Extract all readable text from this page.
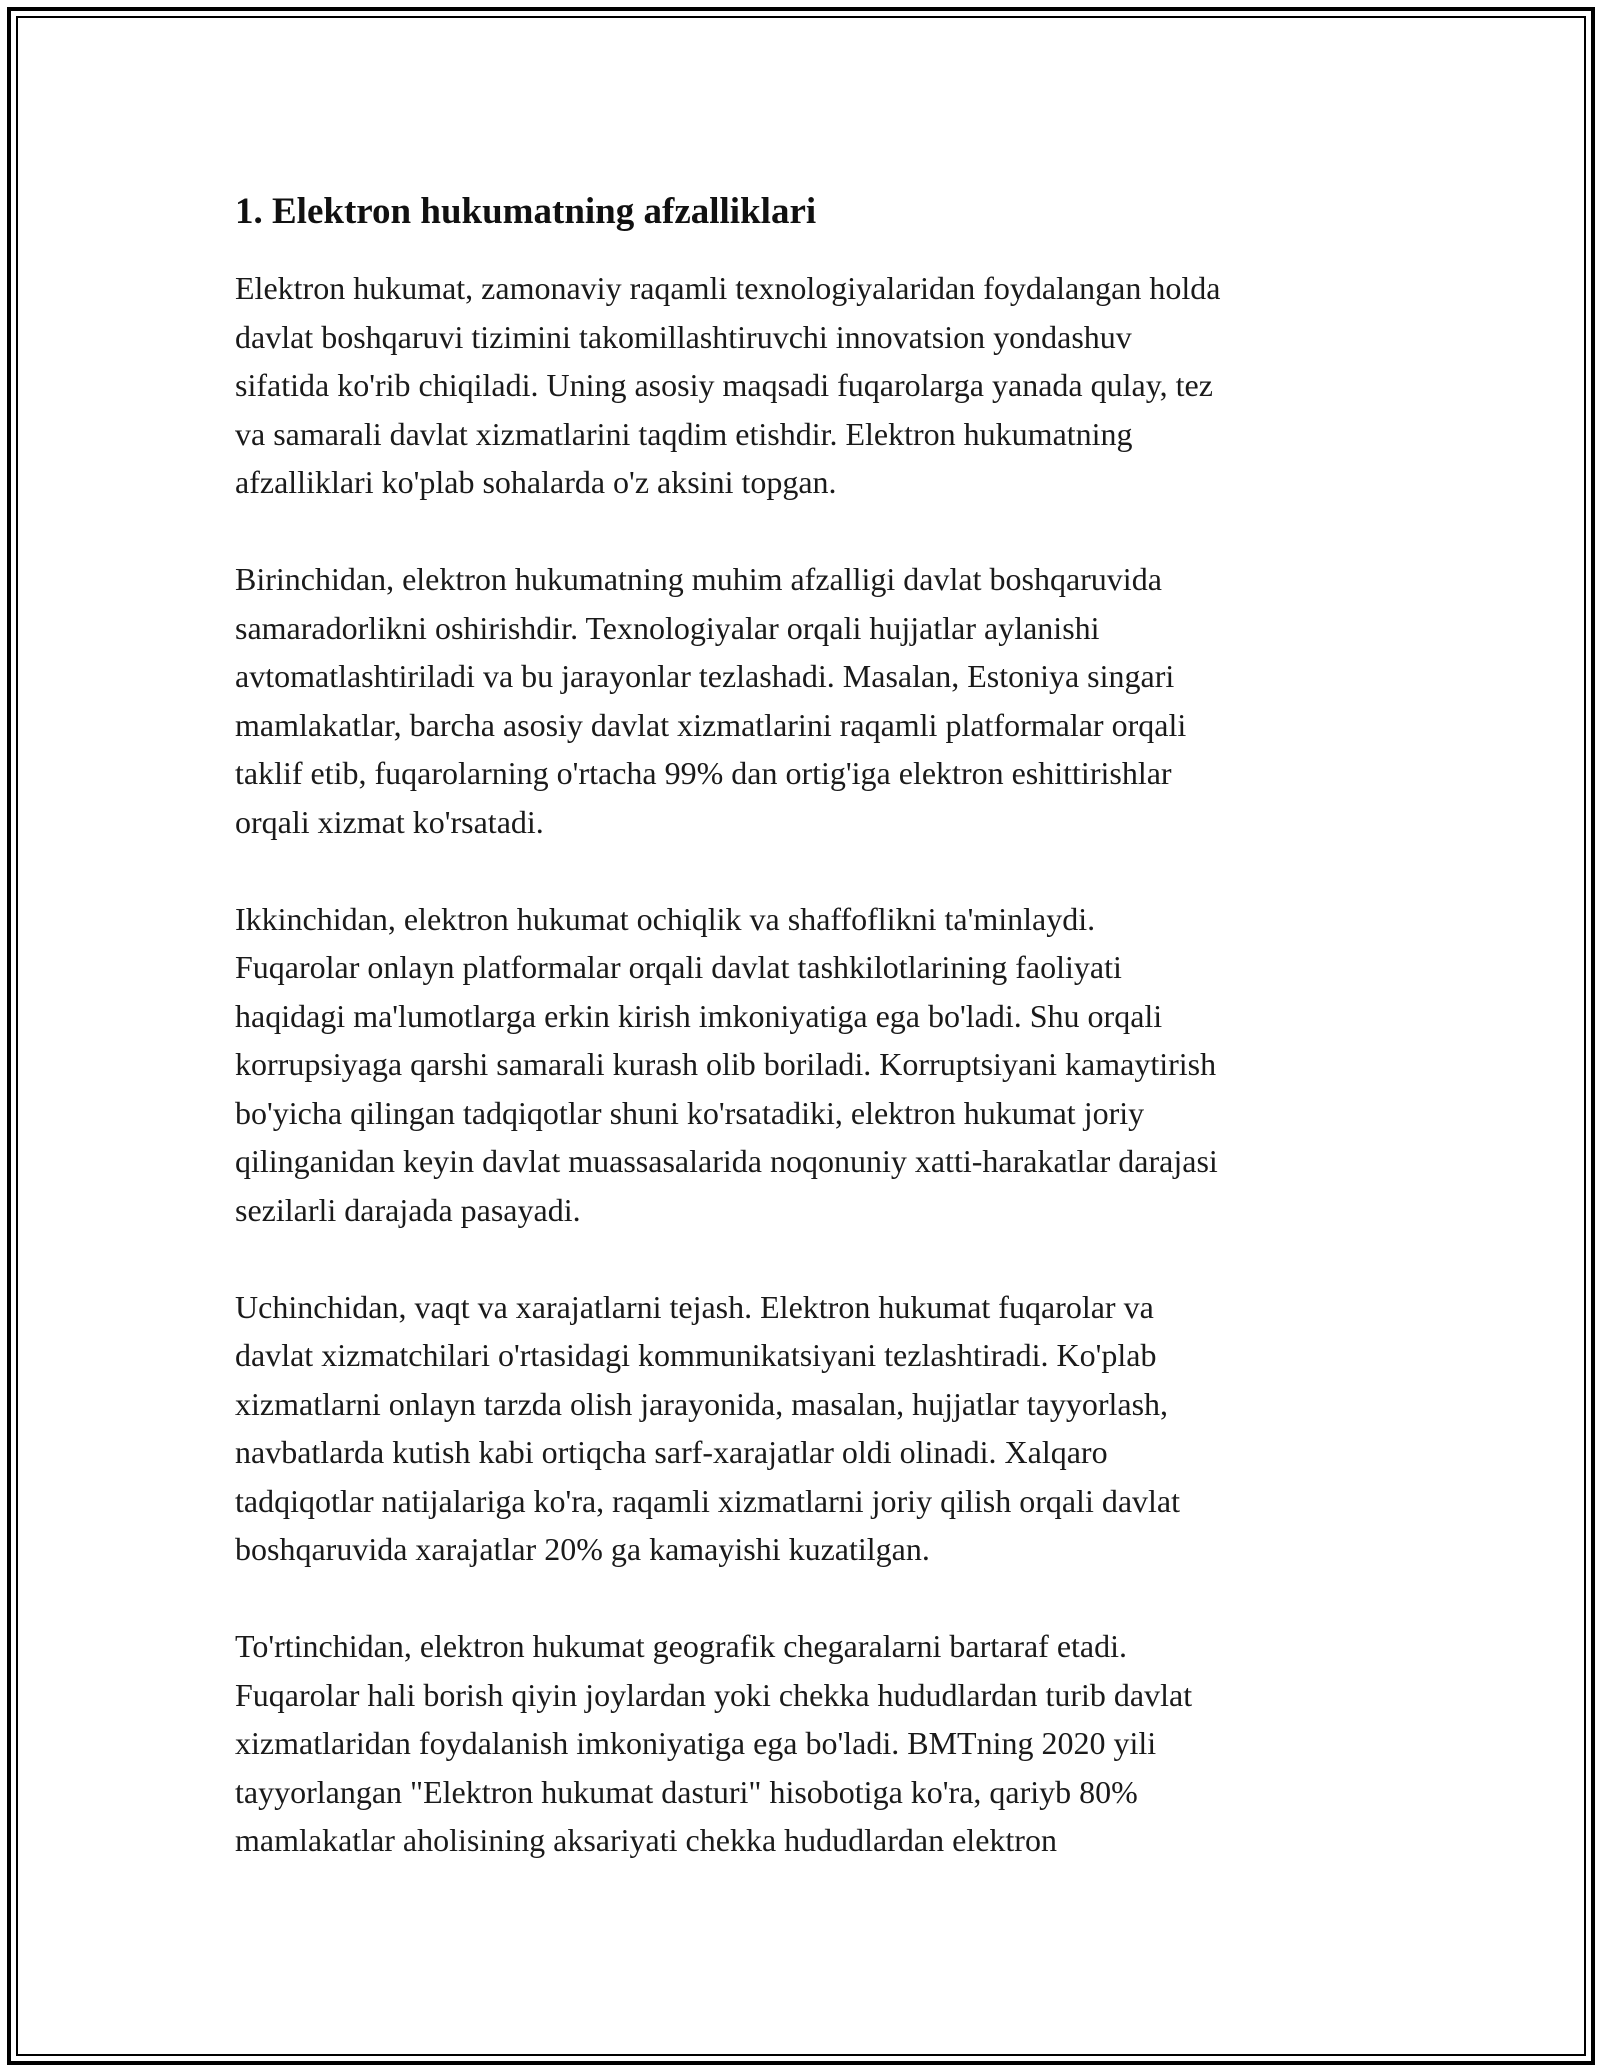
1. Elektron hukumatning afzalliklari

Elektron hukumat, zamonaviy raqamli texnologiyalaridan foydalangan holda
davlat boshqaruvi tizimini takomillashtiruvchi innovatsion yondashuv
sifatida ko'rib chiqiladi. Uning asosiy maqsadi fuqarolarga yanada qulay, tez
va samarali davlat xizmatlarini taqdim etishdir. Elektron hukumatning
afzalliklari ko'plab sohalarda o'z aksini topgan.

Birinchidan, elektron hukumatning muhim afzalligi davlat boshqaruvida
samaradorlikni oshirishdir. Texnologiyalar orqali hujjatlar aylanishi
avtomatlashtiriladi va bu jarayonlar tezlashadi. Masalan, Estoniya singari
mamlakatlar, barcha asosiy davlat xizmatlarini raqamli platformalar orqali
taklif etib, fuqarolarning o'rtacha 99% dan ortig'iga elektron eshittirishlar
orqali xizmat ko'rsatadi.

Ikkinchidan, elektron hukumat ochiqlik va shaffoflikni ta'minlaydi.
Fuqarolar onlayn platformalar orqali davlat tashkilotlarining faoliyati
haqidagi ma'lumotlarga erkin kirish imkoniyatiga ega bo'ladi. Shu orqali
korrupsiyaga qarshi samarali kurash olib boriladi. Korruptsiyani kamaytirish
bo'yicha qilingan tadqiqotlar shuni ko'rsatadiki, elektron hukumat joriy
qilinganidan keyin davlat muassasalarida noqonuniy xatti-harakatlar darajasi
sezilarli darajada pasayadi.

Uchinchidan, vaqt va xarajatlarni tejash. Elektron hukumat fuqarolar va
davlat xizmatchilari o'rtasidagi kommunikatsiyani tezlashtiradi. Ko'plab
xizmatlarni onlayn tarzda olish jarayonida, masalan, hujjatlar tayyorlash,
navbatlarda kutish kabi ortiqcha sarf-xarajatlar oldi olinadi. Xalqaro
tadqiqotlar natijalariga ko'ra, raqamli xizmatlarni joriy qilish orqali davlat
boshqaruvida xarajatlar 20% ga kamayishi kuzatilgan.

To'rtinchidan, elektron hukumat geografik chegaralarni bartaraf etadi.
Fuqarolar hali borish qiyin joylardan yoki chekka hududlardan turib davlat
xizmatlaridan foydalanish imkoniyatiga ega bo'ladi. BMTning 2020 yili
tayyorlangan "Elektron hukumat dasturi" hisobotiga ko'ra, qariyb 80%
mamlakatlar aholisining aksariyati chekka hududlardan elektron
